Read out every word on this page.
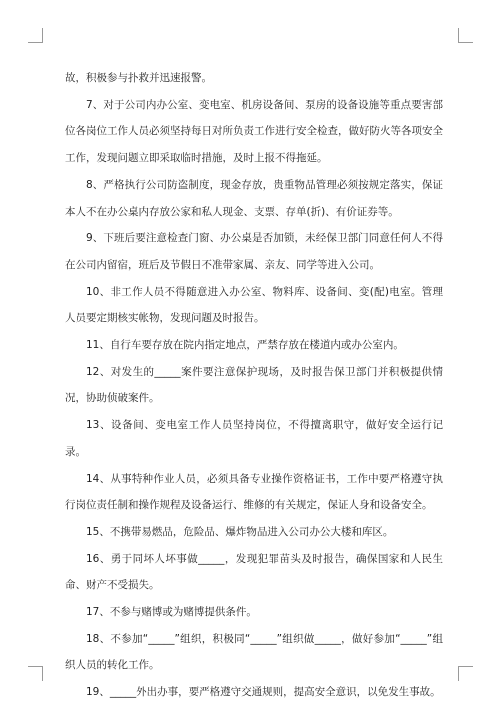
故，积极参与扑救并迅速报警。

7、对于公司内办公室、变电室、机房设备间、泵房的设备设施等重点要害部位各岗位工作人员必须坚持每日对所负责工作进行安全检查，做好防火等各项安全工作，发现问题立即采取临时措施，及时上报不得拖延。

8、严格执行公司防盗制度，现金存放，贵重物品管理必须按规定落实，保证本人不在办公桌内存放公家和私人现金、支票、存单(折)、有价证券等。

9、下班后要注意检查门窗、办公桌是否加锁，未经保卫部门同意任何人不得在公司内留宿，班后及节假日不准带家属、亲友、同学等进入公司。

10、非工作人员不得随意进入办公室、物料库、设备间、变(配)电室。管理人员要定期核实帐物，发现问题及时报告。

11、自行车要存放在院内指定地点，严禁存放在楼道内或办公室内。

12、对发生的_____案件要注意保护现场，及时报告保卫部门并积极提供情况，协助侦破案件。

13、设备间、变电室工作人员坚持岗位，不得擅离职守，做好安全运行记录。

14、从事特种作业人员，必须具备专业操作资格证书，工作中要严格遵守执行岗位责任制和操作规程及设备运行、维修的有关规定，保证人身和设备安全。

15、不携带易燃品，危险品、爆炸物品进入公司办公大楼和库区。

16、勇于同坏人坏事做_____，发现犯罪苗头及时报告，确保国家和人民生命、财产不受损失。

17、不参与赌博或为赌博提供条件。

18、不参加“_____”组织，积极同“_____”组织做_____，做好参加“_____”组织人员的转化工作。

19、_____外出办事，要严格遵守交通规则，提高安全意识，以免发生事故。
